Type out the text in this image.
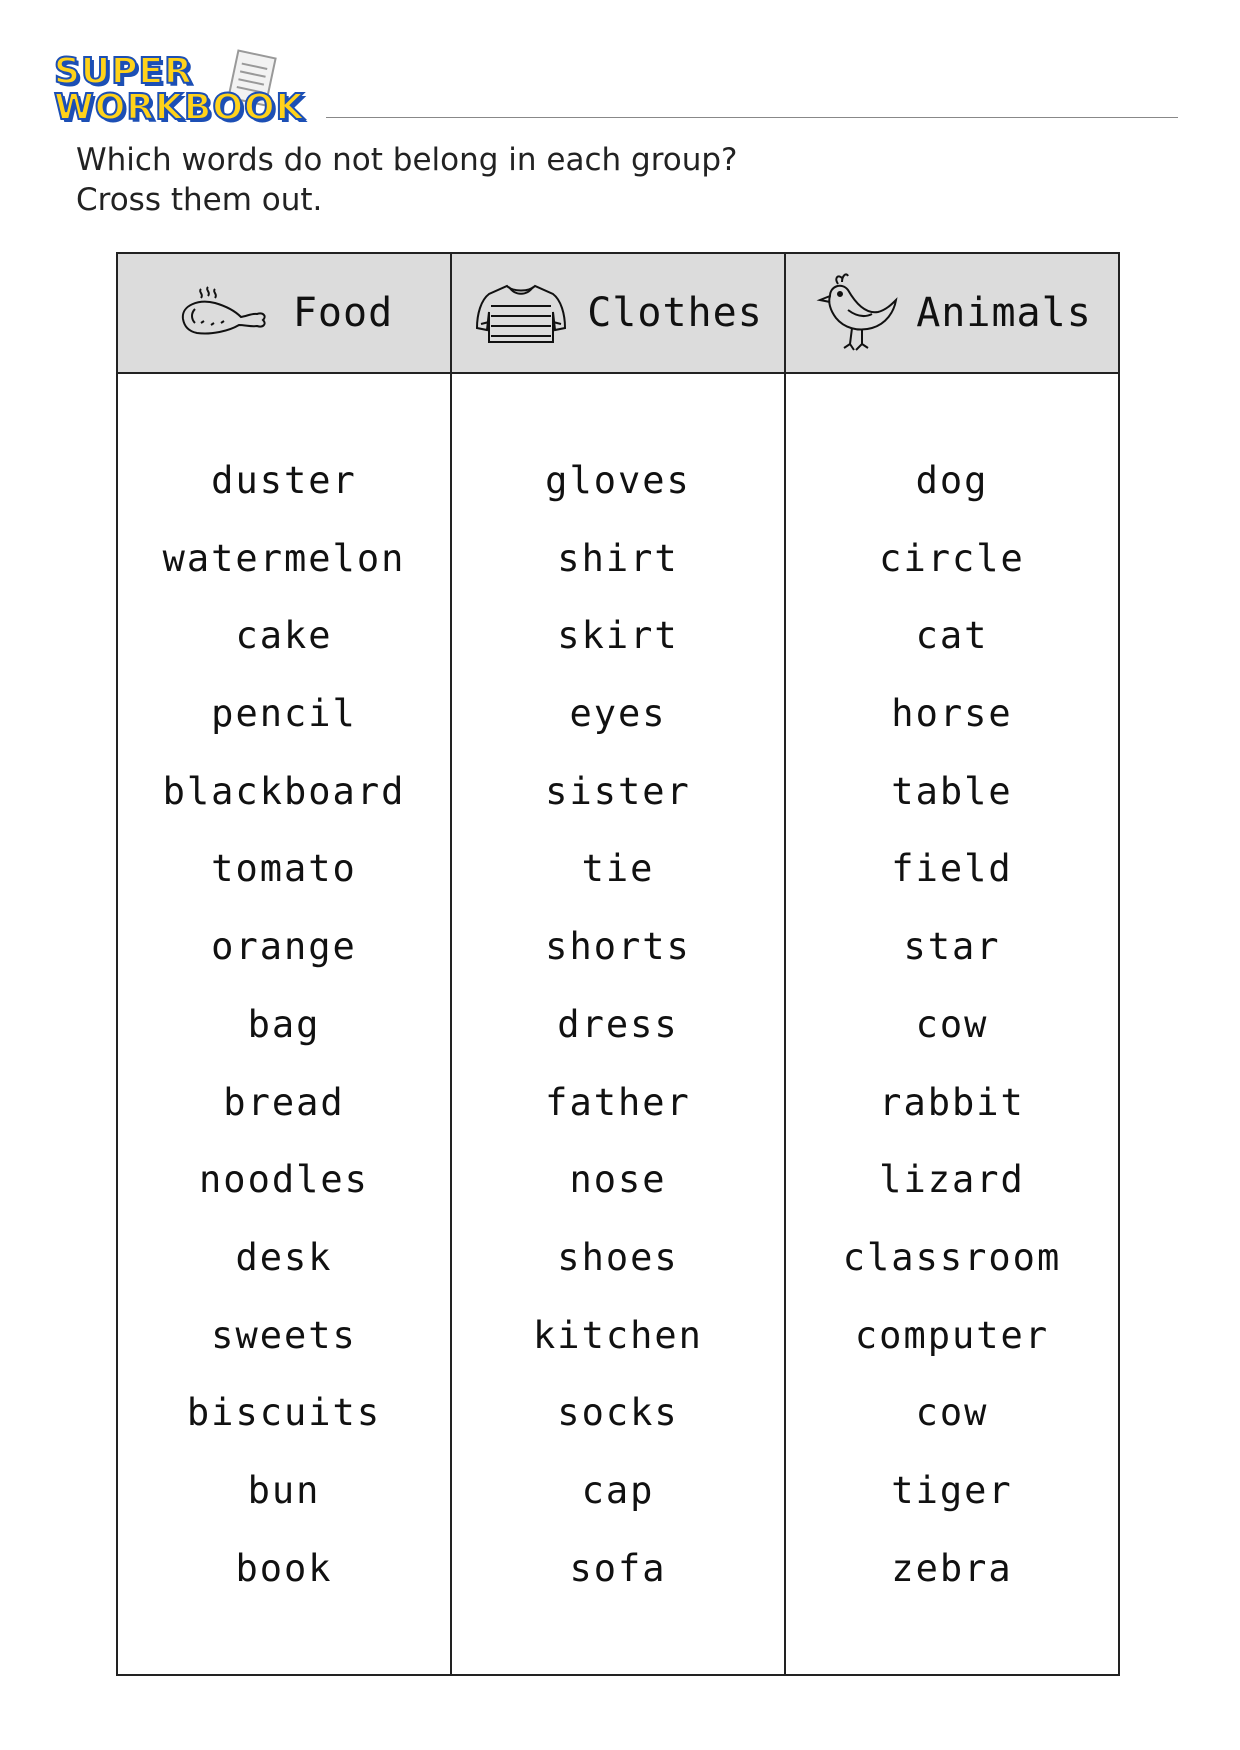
SUPER
WORKBOOK
Which words do not belong in each group?
Cross them out.
Food
duster
watermelon
cake
pencil
blackboard
tomato
orange
bag
bread
noodles
desk
sweets
biscuits
bun
book
Clothes
gloves
shirt
skirt
eyes
sister
tie
shorts
dress
father
nose
shoes
kitchen
socks
cap
sofa
Animals
dog
circle
cat
horse
table
field
star
cow
rabbit
lizard
classroom
computer
cow
tiger
zebra
